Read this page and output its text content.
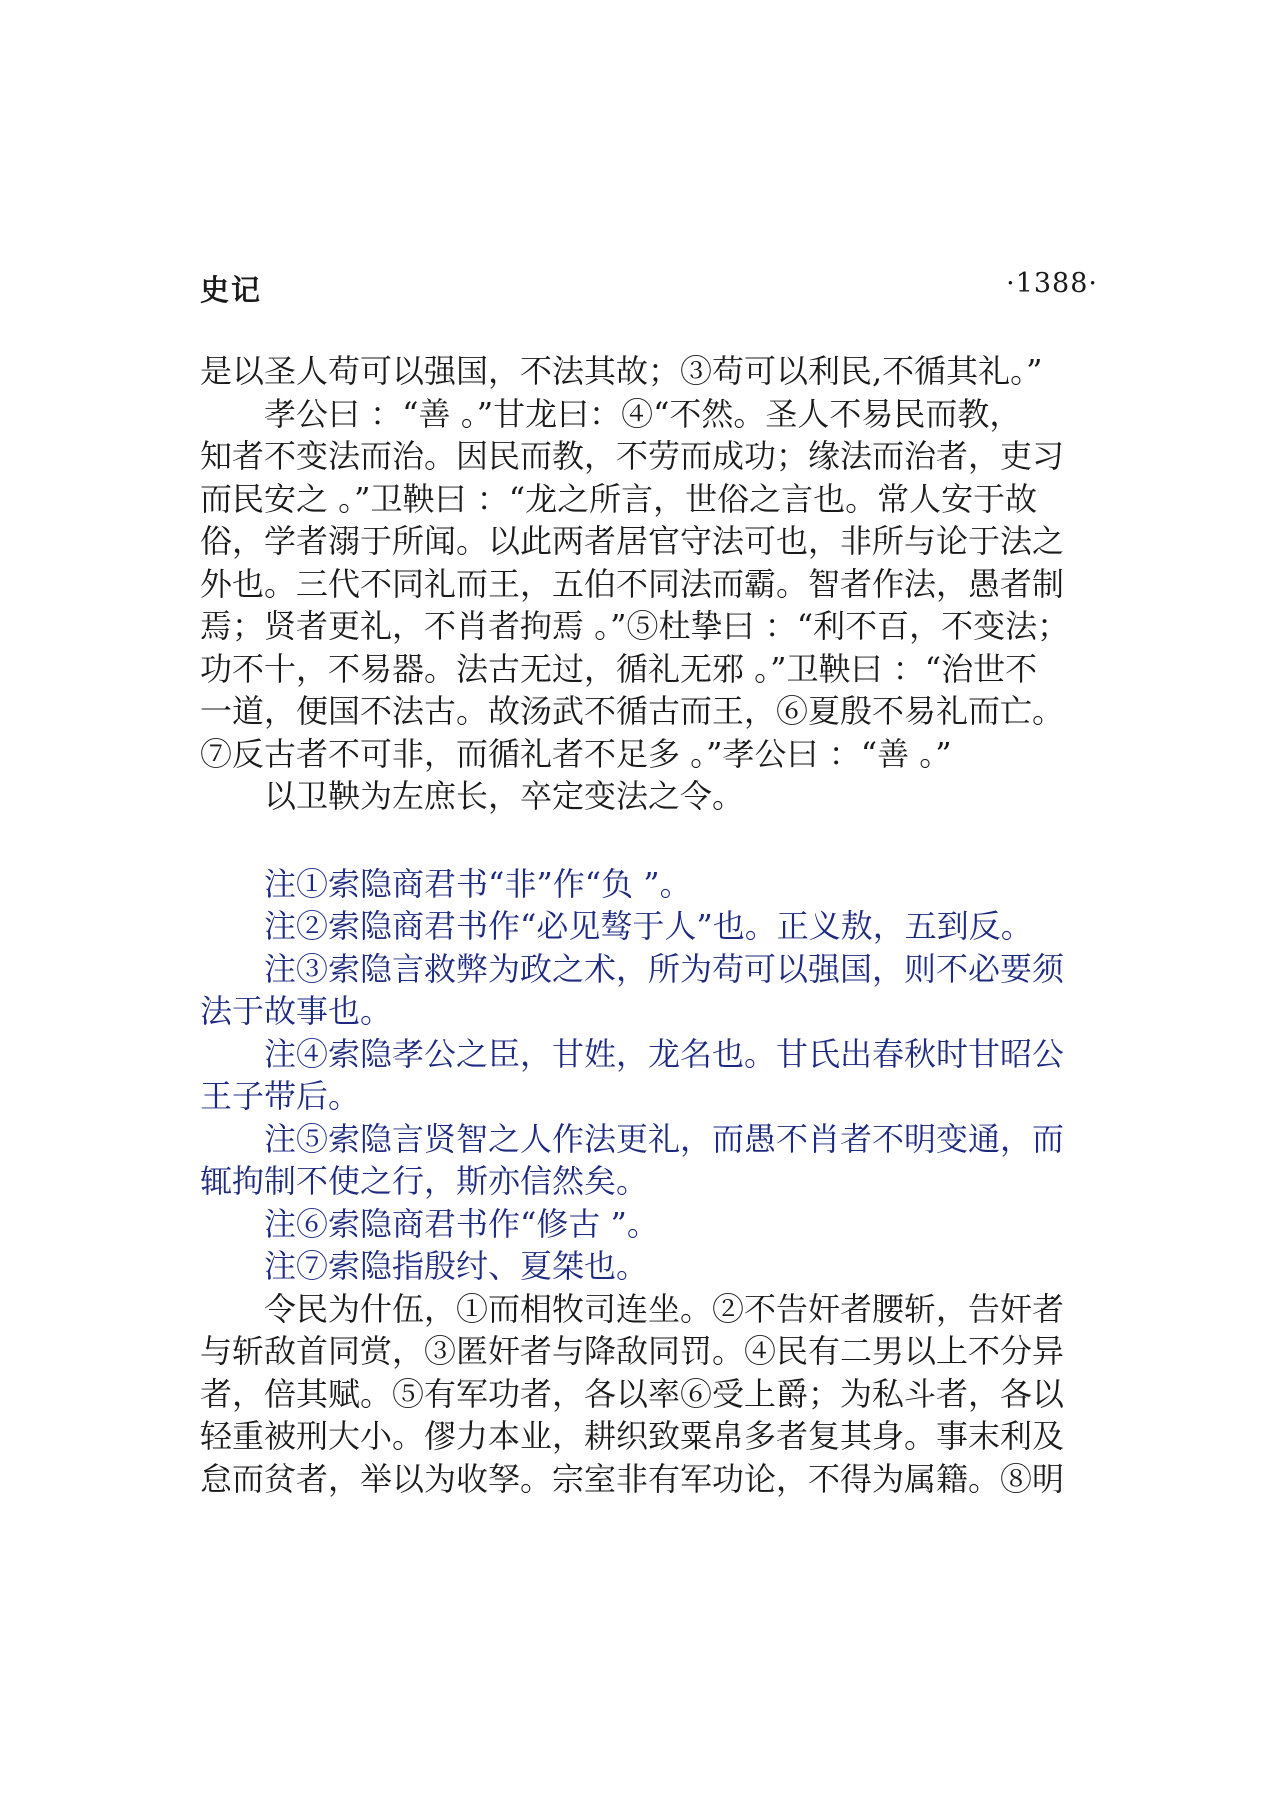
史记	·1388·
是以圣人苟可以强国，不法其故；③苟可以利民,不循其礼。”
孝公曰 ：“善 。”甘龙曰：④“不然。圣人不易民而教，
知者不变法而治。因民而教，不劳而成功；缘法而治者，吏习
而民安之 。”卫鞅曰 ：“龙之所言，世俗之言也。常人安于故
俗，学者溺于所闻。以此两者居官守法可也，非所与论于法之
外也。三代不同礼而王，五伯不同法而霸。智者作法，愚者制
焉；贤者更礼，不肖者拘焉 。”⑤杜挚曰 ：“利不百，不变法；
功不十，不易器。法古无过，循礼无邪 。”卫鞅曰 ：“治世不
一道，便国不法古。故汤武不循古而王，⑥夏殷不易礼而亡。
⑦反古者不可非，而循礼者不足多 。”孝公曰 ：“善 。”
以卫鞅为左庶长，卒定变法之令。
注①索隐商君书“非”作“负 ”。
注②索隐商君书作“必见骜于人”也。正义敖，五到反。
注③索隐言救弊为政之术，所为苟可以强国，则不必要须
法于故事也。
注④索隐孝公之臣，甘姓，龙名也。甘氏出春秋时甘昭公
王子带后。
注⑤索隐言贤智之人作法更礼，而愚不肖者不明变通，而
辄拘制不使之行，斯亦信然矣。
注⑥索隐商君书作“修古 ”。
注⑦索隐指殷纣、夏桀也。
令民为什伍，①而相牧司连坐。②不告奸者腰斩，告奸者
与斩敌首同赏，③匿奸者与降敌同罚。④民有二男以上不分异
者，倍其赋。⑤有军功者，各以率⑥受上爵；为私斗者，各以
轻重被刑大小。僇力本业，耕织致粟帛多者复其身。事末利及
怠而贫者，举以为收孥。宗室非有军功论，不得为属籍。⑧明
